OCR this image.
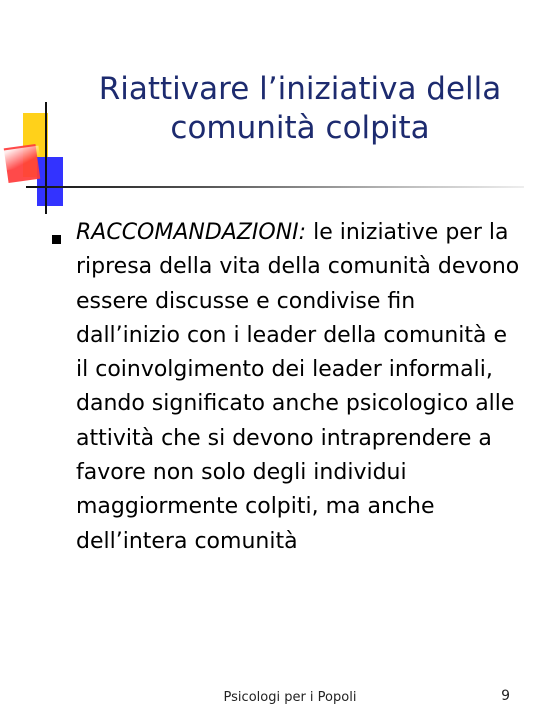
Riattivare l’iniziativa della comunità colpita

RACCOMANDAZIONI: le iniziative per la ripresa della vita della comunità devono essere discusse e condivise fin dall’inizio con i leader della comunità e il coinvolgimento dei leader informali, dando significato anche psicologico alle attività che si devono intraprendere a favore non solo degli individui maggiormente colpiti, ma anche dell’intera comunità

Psicologi per i Popoli	9
